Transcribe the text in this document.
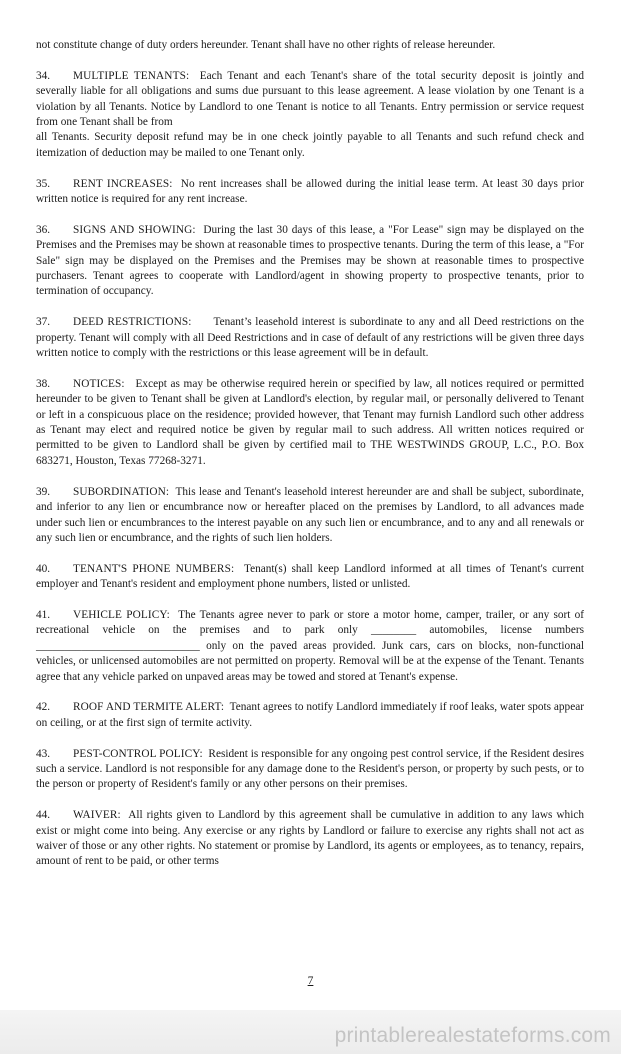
not constitute change of duty orders hereunder. Tenant shall have no other rights of release hereunder.

34. MULTIPLE TENANTS: Each Tenant and each Tenant's share of the total security deposit is jointly and severally liable for all obligations and sums due pursuant to this lease agreement. A lease violation by one Tenant is a violation by all Tenants. Notice by Landlord to one Tenant is notice to all Tenants. Entry permission or service request from one Tenant shall be from
all Tenants. Security deposit refund may be in one check jointly payable to all Tenants and such refund check and itemization of deduction may be mailed to one Tenant only.

35. RENT INCREASES: No rent increases shall be allowed during the initial lease term. At least 30 days prior written notice is required for any rent increase.

36. SIGNS AND SHOWING: During the last 30 days of this lease, a "For Lease" sign may be displayed on the Premises and the Premises may be shown at reasonable times to prospective tenants. During the term of this lease, a "For Sale" sign may be displayed on the Premises and the Premises may be shown at reasonable times to prospective purchasers. Tenant agrees to cooperate with Landlord/agent in showing property to prospective tenants, prior to termination of occupancy.

37. DEED RESTRICTIONS: Tenant’s leasehold interest is subordinate to any and all Deed restrictions on the property. Tenant will comply with all Deed Restrictions and in case of default of any restrictions will be given three days written notice to comply with the restrictions or this lease agreement will be in default.

38. NOTICES: Except as may be otherwise required herein or specified by law, all notices required or permitted hereunder to be given to Tenant shall be given at Landlord's election, by regular mail, or personally delivered to Tenant or left in a conspicuous place on the residence; provided however, that Tenant may furnish Landlord such other address as Tenant may elect and required notice be given by regular mail to such address. All written notices required or permitted to be given to Landlord shall be given by certified mail to THE WESTWINDS GROUP, L.C., P.O. Box 683271, Houston, Texas 77268-3271.

39. SUBORDINATION: This lease and Tenant's leasehold interest hereunder are and shall be subject, subordinate, and inferior to any lien or encumbrance now or hereafter placed on the premises by Landlord, to all advances made under such lien or encumbrances to the interest payable on any such lien or encumbrance, and to any and all renewals or any such lien or encumbrance, and the rights of such lien holders.

40. TENANT'S PHONE NUMBERS: Tenant(s) shall keep Landlord informed at all times of Tenant's current employer and Tenant's resident and employment phone numbers, listed or unlisted.

41. VEHICLE POLICY: The Tenants agree never to park or store a motor home, camper, trailer, or any sort of recreational vehicle on the premises and to park only ________ automobiles, license numbers _____________________________ only on the paved areas provided. Junk cars, cars on blocks, non-functional vehicles, or unlicensed automobiles are not permitted on property. Removal will be at the expense of the Tenant. Tenants agree that any vehicle parked on unpaved areas may be towed and stored at Tenant's expense.

42. ROOF AND TERMITE ALERT: Tenant agrees to notify Landlord immediately if roof leaks, water spots appear on ceiling, or at the first sign of termite activity.

43. PEST-CONTROL POLICY: Resident is responsible for any ongoing pest control service, if the Resident desires such a service. Landlord is not responsible for any damage done to the Resident's person, or property by such pests, or to the person or property of Resident's family or any other persons on their premises.

44. WAIVER: All rights given to Landlord by this agreement shall be cumulative in addition to any laws which exist or might come into being. Any exercise or any rights by Landlord or failure to exercise any rights shall not act as waiver of those or any other rights. No statement or promise by Landlord, its agents or employees, as to tenancy, repairs, amount of rent to be paid, or other terms

7
printablerealestateforms.com
